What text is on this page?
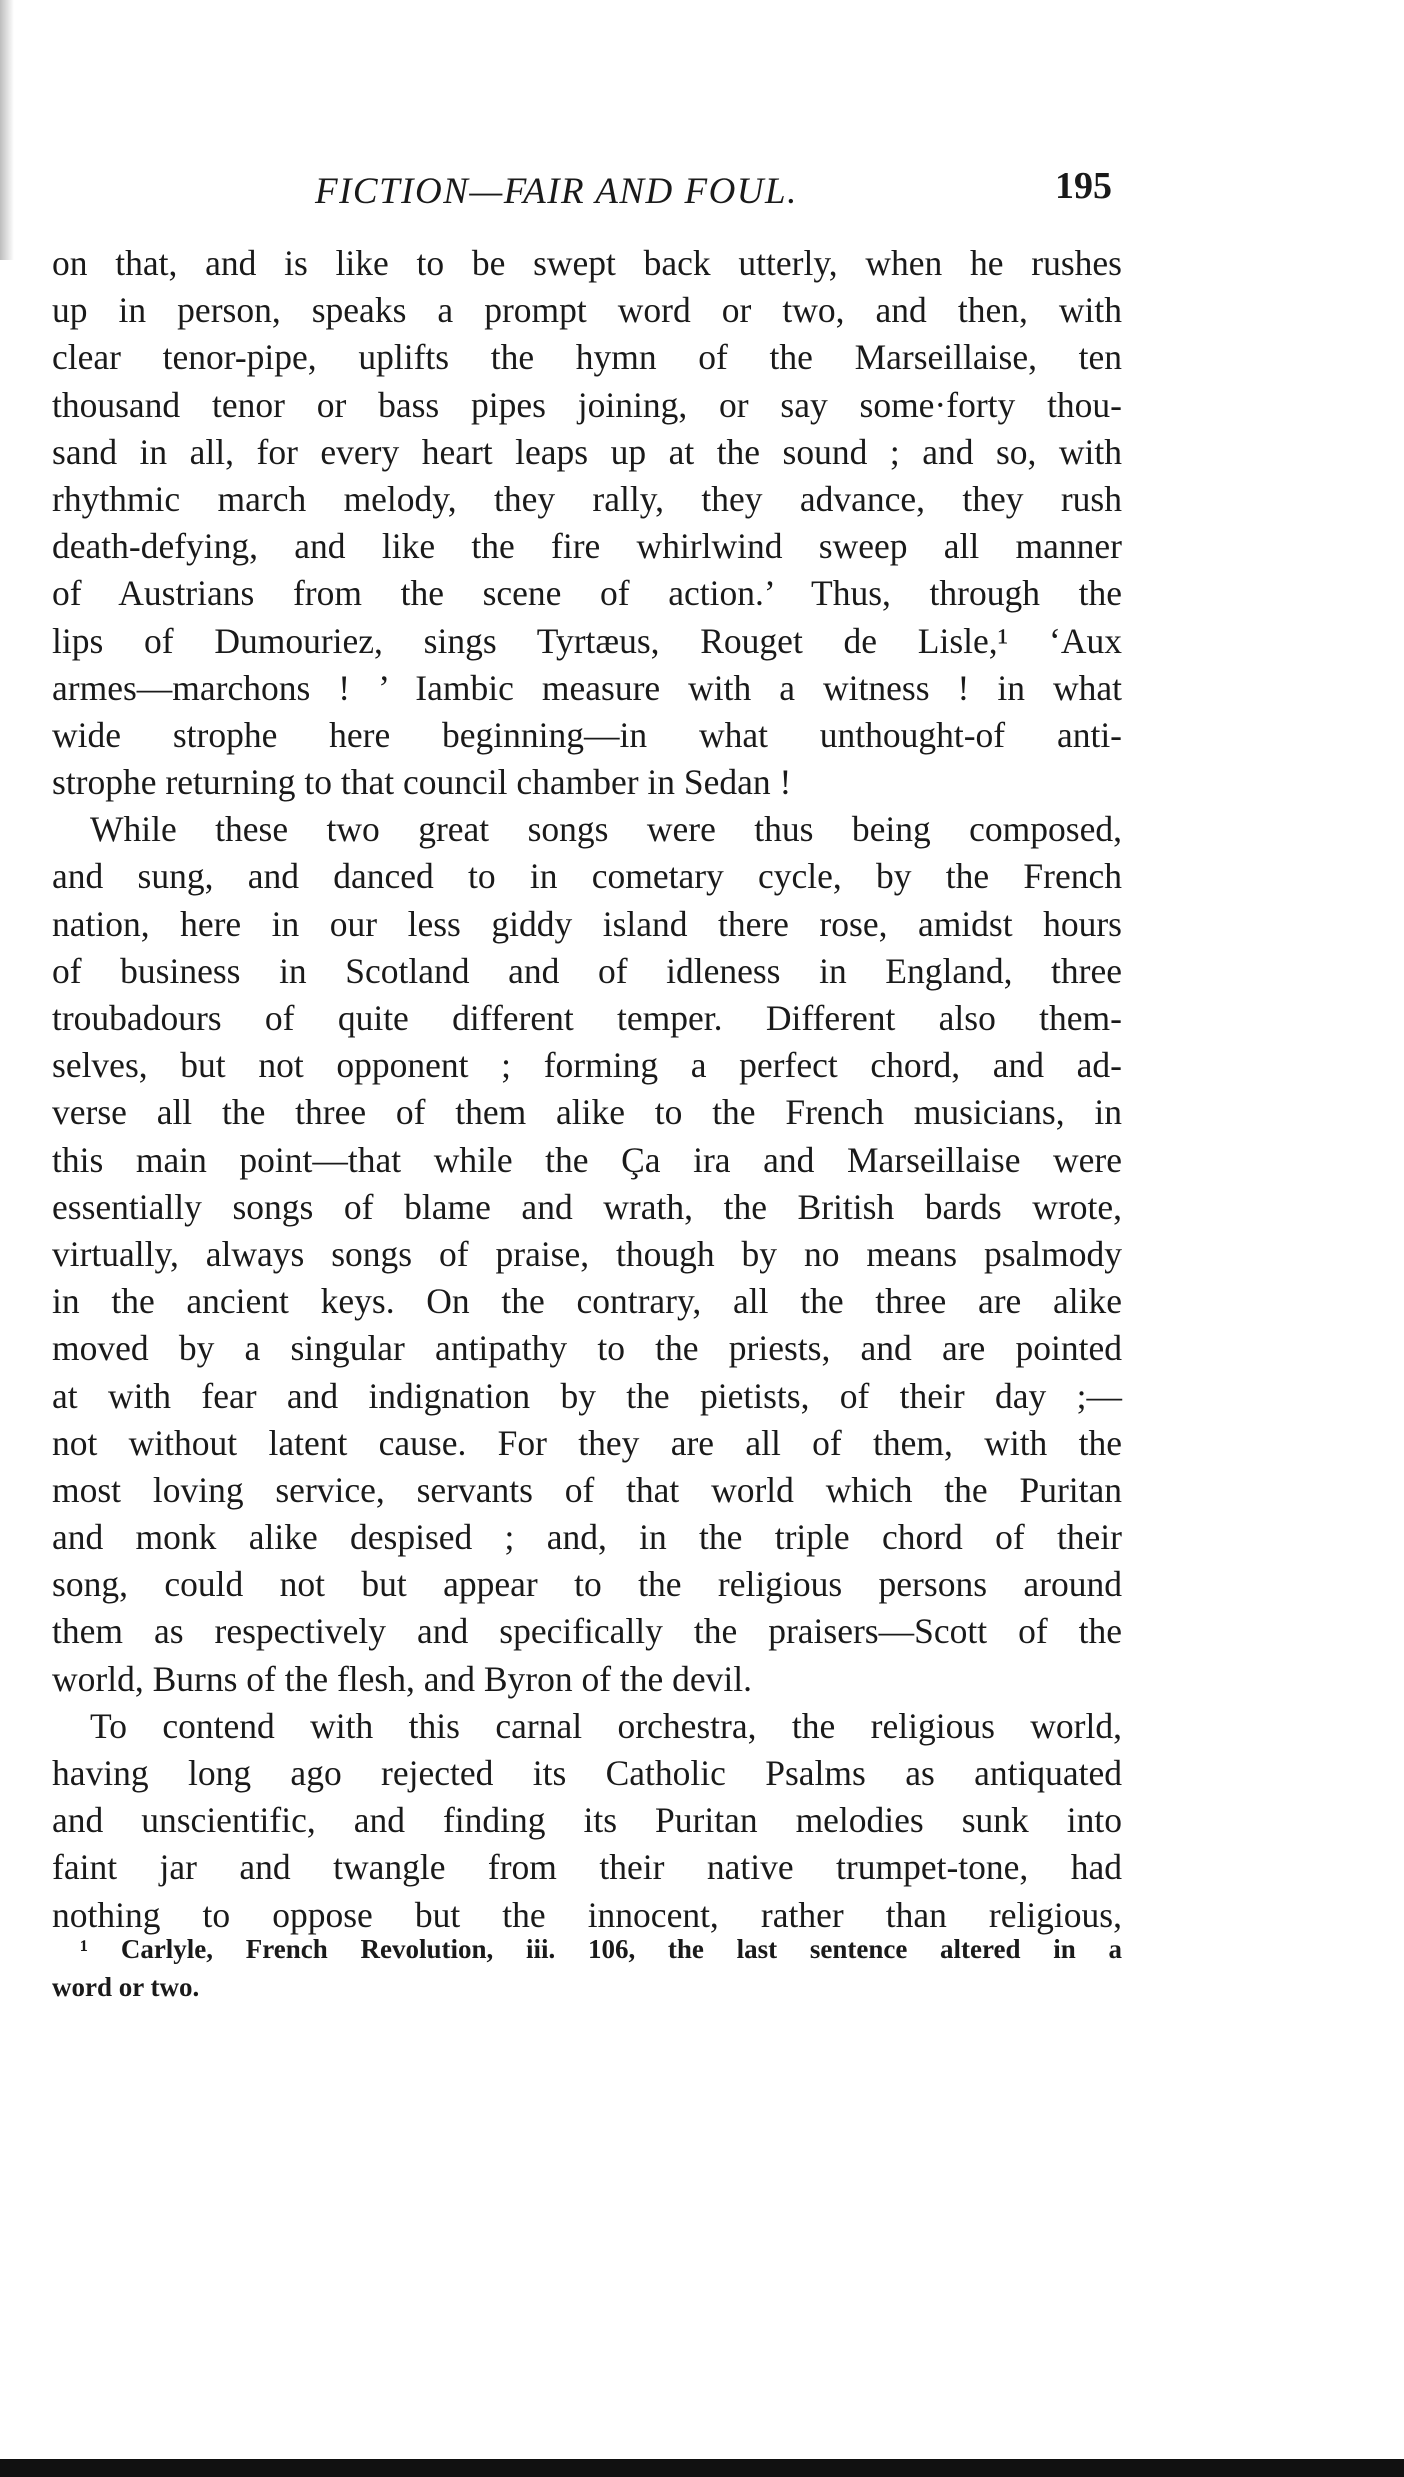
FICTION—FAIR AND FOUL.	195

on that, and is like to be swept back utterly, when he rushes
up in person, speaks a prompt word or two, and then, with
clear tenor-pipe, uplifts the hymn of the Marseillaise, ten
thousand tenor or bass pipes joining, or say some·forty thou-
sand in all, for every heart leaps up at the sound ; and so, with
rhythmic march melody, they rally, they advance, they rush
death-defying, and like the fire whirlwind sweep all manner
of Austrians from the scene of action.’ Thus, through the
lips of Dumouriez, sings Tyrtæus, Rouget de Lisle,¹ ‘Aux
armes—marchons ! ’ Iambic measure with a witness ! in what
wide strophe here beginning—in what unthought-of anti-
strophe returning to that council chamber in Sedan !

While these two great songs were thus being composed,
and sung, and danced to in cometary cycle, by the French
nation, here in our less giddy island there rose, amidst hours
of business in Scotland and of idleness in England, three
troubadours of quite different temper. Different also them-
selves, but not opponent ; forming a perfect chord, and ad-
verse all the three of them alike to the French musicians, in
this main point—that while the Ça ira and Marseillaise were
essentially songs of blame and wrath, the British bards wrote,
virtually, always songs of praise, though by no means psalmody
in the ancient keys. On the contrary, all the three are alike
moved by a singular antipathy to the priests, and are pointed
at with fear and indignation by the pietists, of their day ;—
not without latent cause. For they are all of them, with the
most loving service, servants of that world which the Puritan
and monk alike despised ; and, in the triple chord of their
song, could not but appear to the religious persons around
them as respectively and specifically the praisers—Scott of the
world, Burns of the flesh, and Byron of the devil.

To contend with this carnal orchestra, the religious world,
having long ago rejected its Catholic Psalms as antiquated
and unscientific, and finding its Puritan melodies sunk into
faint jar and twangle from their native trumpet-tone, had
nothing to oppose but the innocent, rather than religious,

¹ Carlyle, French Revolution, iii. 106, the last sentence altered in a
word or two.
